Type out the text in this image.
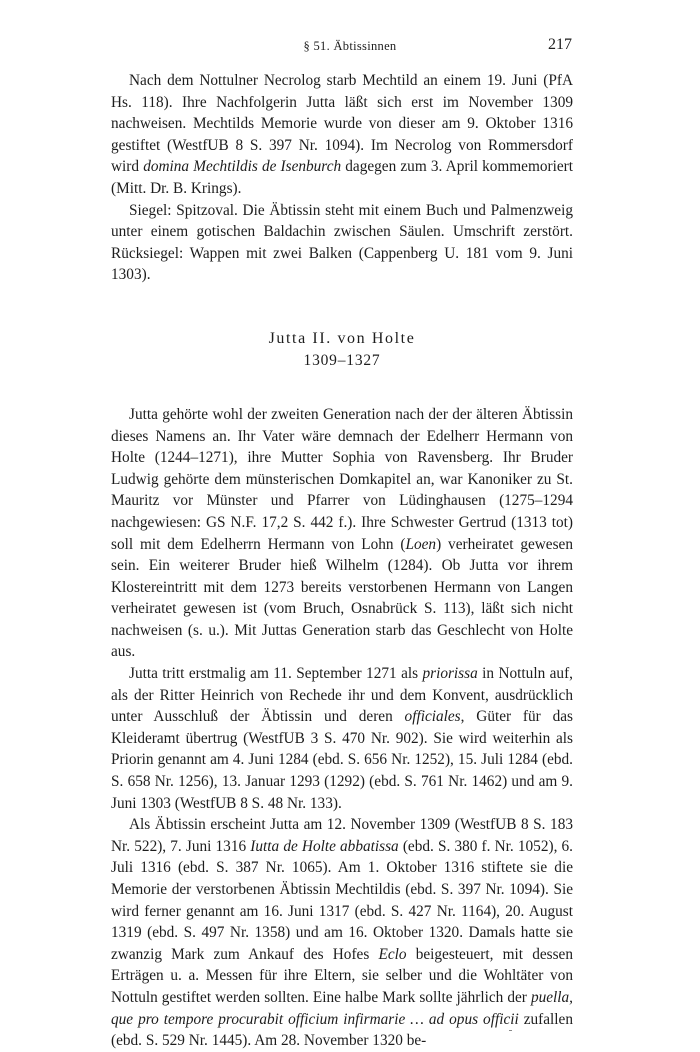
§ 51. Äbtissinnen	217

Nach dem Nottulner Necrolog starb Mechtild an einem 19. Juni (PfA Hs. 118). Ihre Nachfolgerin Jutta läßt sich erst im November 1309 nachweisen. Mechtilds Memorie wurde von dieser am 9. Oktober 1316 gestiftet (WestfUB 8 S. 397 Nr. 1094). Im Necrolog von Rommersdorf wird domina Mechtildis de Isenburch dagegen zum 3. April kommemoriert (Mitt. Dr. B. Krings).

Siegel: Spitzoval. Die Äbtissin steht mit einem Buch und Palmenzweig unter einem gotischen Baldachin zwischen Säulen. Umschrift zerstört. Rücksiegel: Wappen mit zwei Balken (Cappenberg U. 181 vom 9. Juni 1303).

Jutta II. von Holte
1309–1327

Jutta gehörte wohl der zweiten Generation nach der der älteren Äbtissin dieses Namens an. Ihr Vater wäre demnach der Edelherr Hermann von Holte (1244–1271), ihre Mutter Sophia von Ravensberg. Ihr Bruder Ludwig gehörte dem münsterischen Domkapitel an, war Kanoniker zu St. Mauritz vor Münster und Pfarrer von Lüdinghausen (1275–1294 nachgewiesen: GS N.F. 17,2 S. 442 f.). Ihre Schwester Gertrud (1313 tot) soll mit dem Edelherrn Hermann von Lohn (Loen) verheiratet gewesen sein. Ein weiterer Bruder hieß Wilhelm (1284). Ob Jutta vor ihrem Klostereintritt mit dem 1273 bereits verstorbenen Hermann von Langen verheiratet gewesen ist (vom Bruch, Osnabrück S. 113), läßt sich nicht nachweisen (s. u.). Mit Juttas Generation starb das Geschlecht von Holte aus.

Jutta tritt erstmalig am 11. September 1271 als priorissa in Nottuln auf, als der Ritter Heinrich von Rechede ihr und dem Konvent, ausdrücklich unter Ausschluß der Äbtissin und deren officiales, Güter für das Kleideramt übertrug (WestfUB 3 S. 470 Nr. 902). Sie wird weiterhin als Priorin genannt am 4. Juni 1284 (ebd. S. 656 Nr. 1252), 15. Juli 1284 (ebd. S. 658 Nr. 1256), 13. Januar 1293 (1292) (ebd. S. 761 Nr. 1462) und am 9. Juni 1303 (WestfUB 8 S. 48 Nr. 133).

Als Äbtissin erscheint Jutta am 12. November 1309 (WestfUB 8 S. 183 Nr. 522), 7. Juni 1316 Iutta de Holte abbatissa (ebd. S. 380 f. Nr. 1052), 6. Juli 1316 (ebd. S. 387 Nr. 1065). Am 1. Oktober 1316 stiftete sie die Memorie der verstorbenen Äbtissin Mechtildis (ebd. S. 397 Nr. 1094). Sie wird ferner genannt am 16. Juni 1317 (ebd. S. 427 Nr. 1164), 20. August 1319 (ebd. S. 497 Nr. 1358) und am 16. Oktober 1320. Damals hatte sie zwanzig Mark zum Ankauf des Hofes Eclo beigesteuert, mit dessen Erträgen u. a. Messen für ihre Eltern, sie selber und die Wohltäter von Nottuln gestiftet werden sollten. Eine halbe Mark sollte jährlich der puella, que pro tempore procurabit officium infirmarie … ad opus officii zufallen (ebd. S. 529 Nr. 1445). Am 28. November 1320 be-
